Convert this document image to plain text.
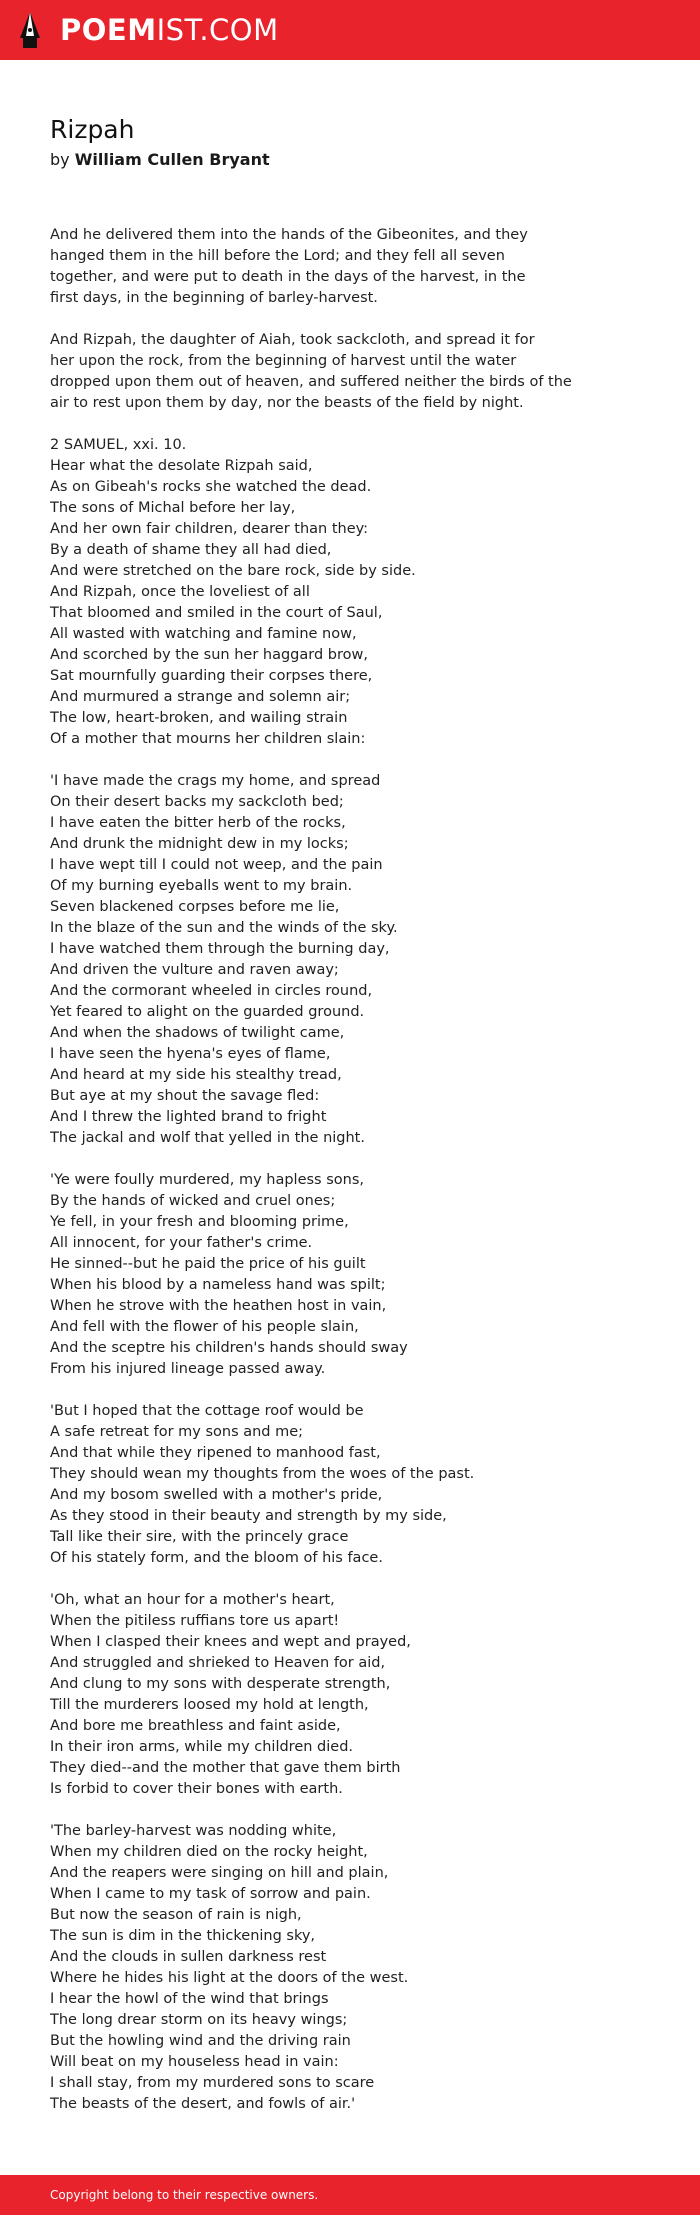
POEMIST.COM
Rizpah
by William Cullen Bryant
And he delivered them into the hands of the Gibeonites, and they
hanged them in the hill before the Lord; and they fell all seven
together, and were put to death in the days of the harvest, in the
first days, in the beginning of barley-harvest.
And Rizpah, the daughter of Aiah, took sackcloth, and spread it for
her upon the rock, from the beginning of harvest until the water
dropped upon them out of heaven, and suffered neither the birds of the
air to rest upon them by day, nor the beasts of the field by night.
2 SAMUEL, xxi. 10.
Hear what the desolate Rizpah said,
As on Gibeah's rocks she watched the dead.
The sons of Michal before her lay,
And her own fair children, dearer than they:
By a death of shame they all had died,
And were stretched on the bare rock, side by side.
And Rizpah, once the loveliest of all
That bloomed and smiled in the court of Saul,
All wasted with watching and famine now,
And scorched by the sun her haggard brow,
Sat mournfully guarding their corpses there,
And murmured a strange and solemn air;
The low, heart-broken, and wailing strain
Of a mother that mourns her children slain:
'I have made the crags my home, and spread
On their desert backs my sackcloth bed;
I have eaten the bitter herb of the rocks,
And drunk the midnight dew in my locks;
I have wept till I could not weep, and the pain
Of my burning eyeballs went to my brain.
Seven blackened corpses before me lie,
In the blaze of the sun and the winds of the sky.
I have watched them through the burning day,
And driven the vulture and raven away;
And the cormorant wheeled in circles round,
Yet feared to alight on the guarded ground.
And when the shadows of twilight came,
I have seen the hyena's eyes of flame,
And heard at my side his stealthy tread,
But aye at my shout the savage fled:
And I threw the lighted brand to fright
The jackal and wolf that yelled in the night.
'Ye were foully murdered, my hapless sons,
By the hands of wicked and cruel ones;
Ye fell, in your fresh and blooming prime,
All innocent, for your father's crime.
He sinned--but he paid the price of his guilt
When his blood by a nameless hand was spilt;
When he strove with the heathen host in vain,
And fell with the flower of his people slain,
And the sceptre his children's hands should sway
From his injured lineage passed away.
'But I hoped that the cottage roof would be
A safe retreat for my sons and me;
And that while they ripened to manhood fast,
They should wean my thoughts from the woes of the past.
And my bosom swelled with a mother's pride,
As they stood in their beauty and strength by my side,
Tall like their sire, with the princely grace
Of his stately form, and the bloom of his face.
'Oh, what an hour for a mother's heart,
When the pitiless ruffians tore us apart!
When I clasped their knees and wept and prayed,
And struggled and shrieked to Heaven for aid,
And clung to my sons with desperate strength,
Till the murderers loosed my hold at length,
And bore me breathless and faint aside,
In their iron arms, while my children died.
They died--and the mother that gave them birth
Is forbid to cover their bones with earth.
'The barley-harvest was nodding white,
When my children died on the rocky height,
And the reapers were singing on hill and plain,
When I came to my task of sorrow and pain.
But now the season of rain is nigh,
The sun is dim in the thickening sky,
And the clouds in sullen darkness rest
Where he hides his light at the doors of the west.
I hear the howl of the wind that brings
The long drear storm on its heavy wings;
But the howling wind and the driving rain
Will beat on my houseless head in vain:
I shall stay, from my murdered sons to scare
The beasts of the desert, and fowls of air.'
Copyright belong to their respective owners.
